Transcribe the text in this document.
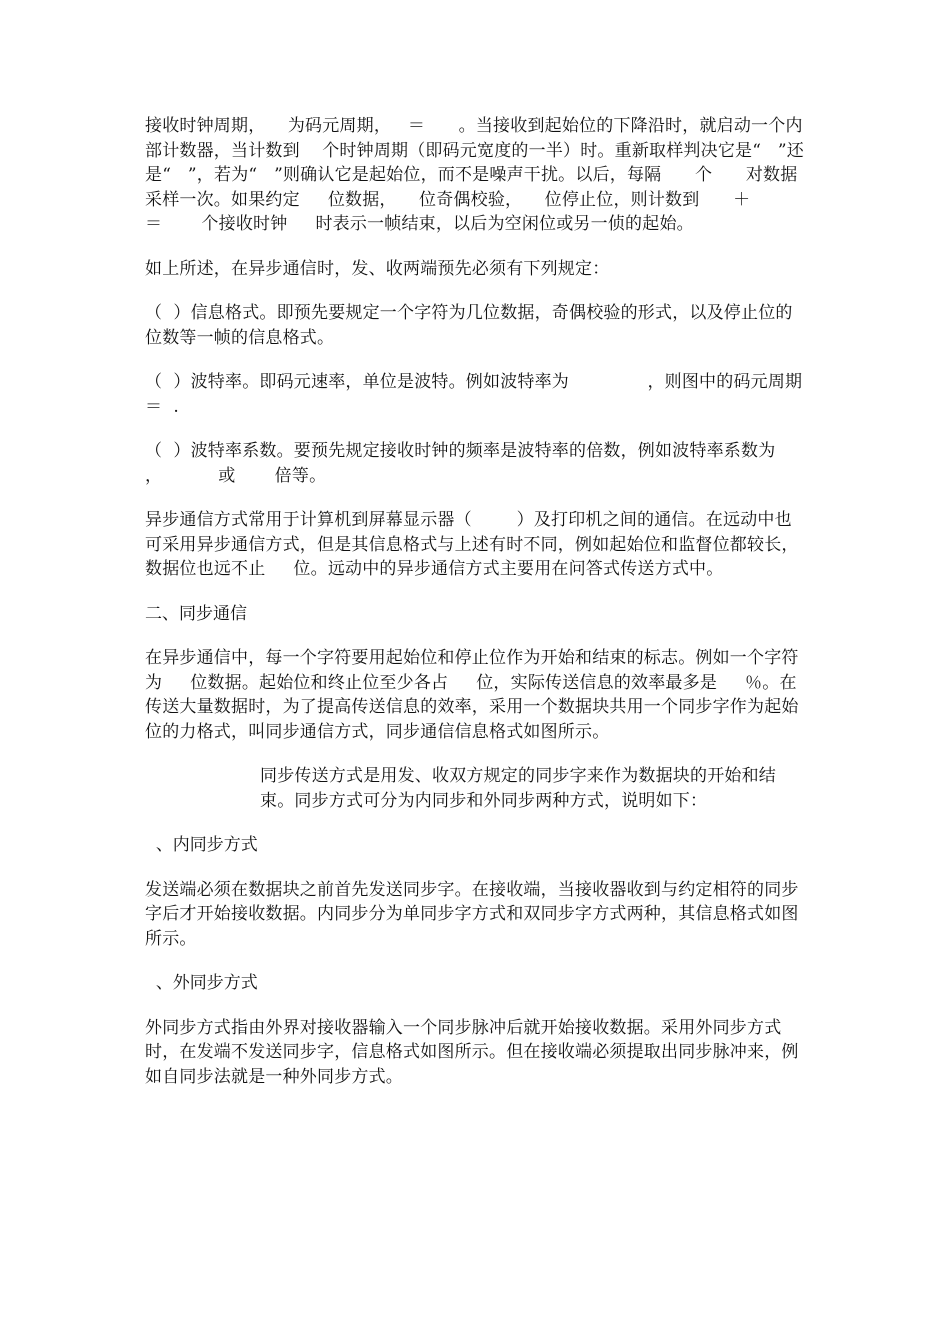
接收时钟周期，    为码元周期，   ＝      。当接收到起始位的下降沿时，就启动一个内部计数器，当计数到    个时钟周期（即码元宽度的一半）时。重新取样判决它是“   ”还是“   ”，若为“   ”则确认它是起始位，而不是噪声干扰。以后，每隔      个      对数据采样一次。如果约定     位数据，    位奇偶校验，    位停止位，则计数到      ＋              ＝       个接收时钟     时表示一帧结束，以后为空闲位或另一侦的起始。

如上所述，在异步通信时，发、收两端预先必须有下列规定：

（  ）信息格式。即预先要规定一个字符为几位数据，奇偶校验的形式，以及停止位的位数等一帧的信息格式。

（  ）波特率。即码元速率，单位是波特。例如波特率为              ，则图中的码元周期                    ＝  .

（  ）波特率系数。要预先规定接收时钟的频率是波特率的倍数，例如波特率系数为       ，          或       倍等。

异步通信方式常用于计算机到屏幕显示器（        ）及打印机之间的通信。在远动中也可采用异步通信方式，但是其信息格式与上述有时不同，例如起始位和监督位都较长，数据位也远不止     位。远动中的异步通信方式主要用在问答式传送方式中。

二、同步通信

在异步通信中，每一个字符要用起始位和停止位作为开始和结束的标志。例如一个字符为     位数据。起始位和终止位至少各占     位，实际传送信息的效率最多是     ％。在传送大量数据时，为了提高传送信息的效率，采用一个数据块共用一个同步字作为起始位的力格式，叫同步通信方式，同步通信信息格式如图所示。

同步传送方式是用发、收双方规定的同步字来作为数据块的开始和结束。同步方式可分为内同步和外同步两种方式，说明如下：

、内同步方式

发送端必须在数据块之前首先发送同步字。在接收端，当接收器收到与约定相符的同步字后才开始接收数据。内同步分为单同步字方式和双同步字方式两种，其信息格式如图所示。

、外同步方式

外同步方式指由外界对接收器输入一个同步脉冲后就开始接收数据。采用外同步方式时，在发端不发送同步字，信息格式如图所示。但在接收端必须提取出同步脉冲来，例如自同步法就是一种外同步方式。
